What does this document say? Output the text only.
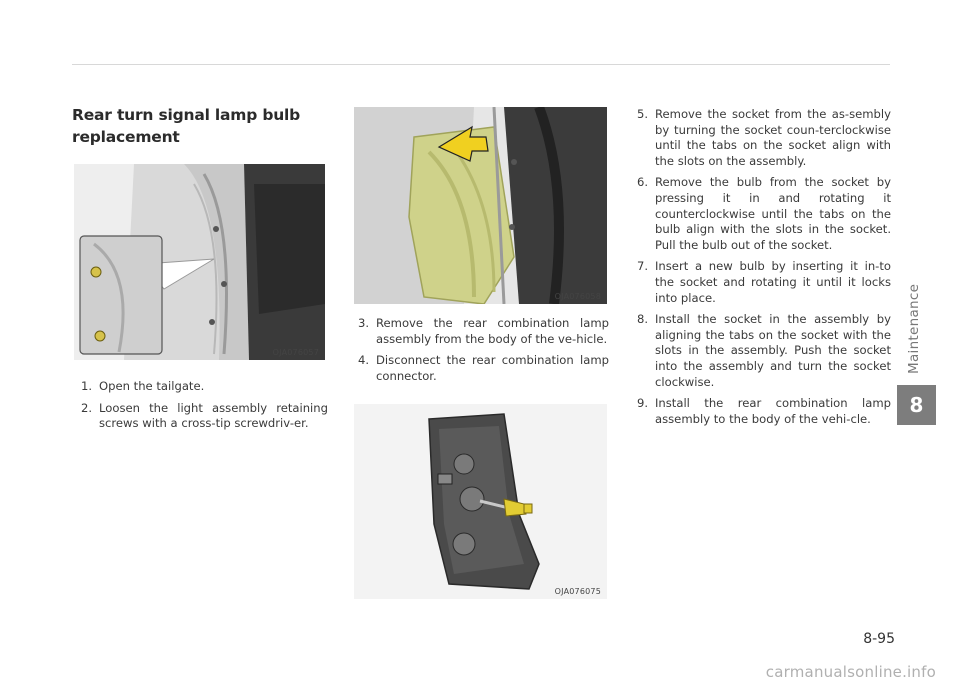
Rear turn signal lamp bulb replacement
OJA076057
OJA076058
OJA076075
1. Open the tailgate.
2. Loosen the light assembly retaining screws with a cross-tip screwdriv-er.
3. Remove the rear combination lamp assembly from the body of the ve-hicle.
4. Disconnect the rear combination lamp connector.
5. Remove the socket from the as-sembly by turning the socket coun-terclockwise until the tabs on the socket align with the slots on the assembly.
6. Remove the bulb from the socket by pressing it in and rotating it counterclockwise until the tabs on the bulb align with the slots in the socket. Pull the bulb out of the socket.
7. Insert a new bulb by inserting it in-to the socket and rotating it until it locks into place.
8. Install the socket in the assembly by aligning the tabs on the socket with the slots in the assembly. Push the socket into the assembly and turn the socket clockwise.
9. Install the rear combination lamp assembly to the body of the vehi-cle.
Maintenance
8
8-95
carmanualsonline.info
